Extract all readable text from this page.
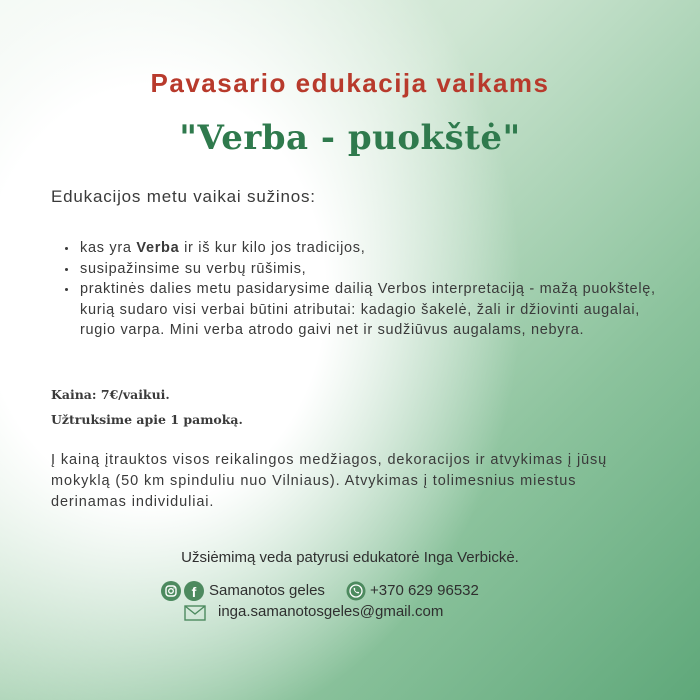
Pavasario edukacija vaikams
"Verba - puokštė"
Edukacijos metu vaikai sužinos:
• kas yra Verba ir iš kur kilo jos tradicijos,
• susipažinsime su verbų rūšimis,
• praktinės dalies metu pasidarysime dailią Verbos interpretaciją - mažą puokštelę, kurią sudaro visi verbai būtini atributai: kadagio šakelė, žali ir džiovinti augalai, rugio varpa. Mini verba atrodo gaivi net ir sudžiūvus augalams, nebyra.
Kaina: 7€/vaikui.
Užtruksime apie 1 pamoką.
Į kainą įtrauktos visos reikalingos medžiagos, dekoracijos ir atvykimas į jūsų mokyklą (50 km spinduliu nuo Vilniaus). Atvykimas į tolimesnius miestus derinamas individuliai.
Užsiėmimą veda patyrusi edukatorė Inga Verbickė.
f Samanotos geles	+370 629 96532
inga.samanotosgeles@gmail.com
